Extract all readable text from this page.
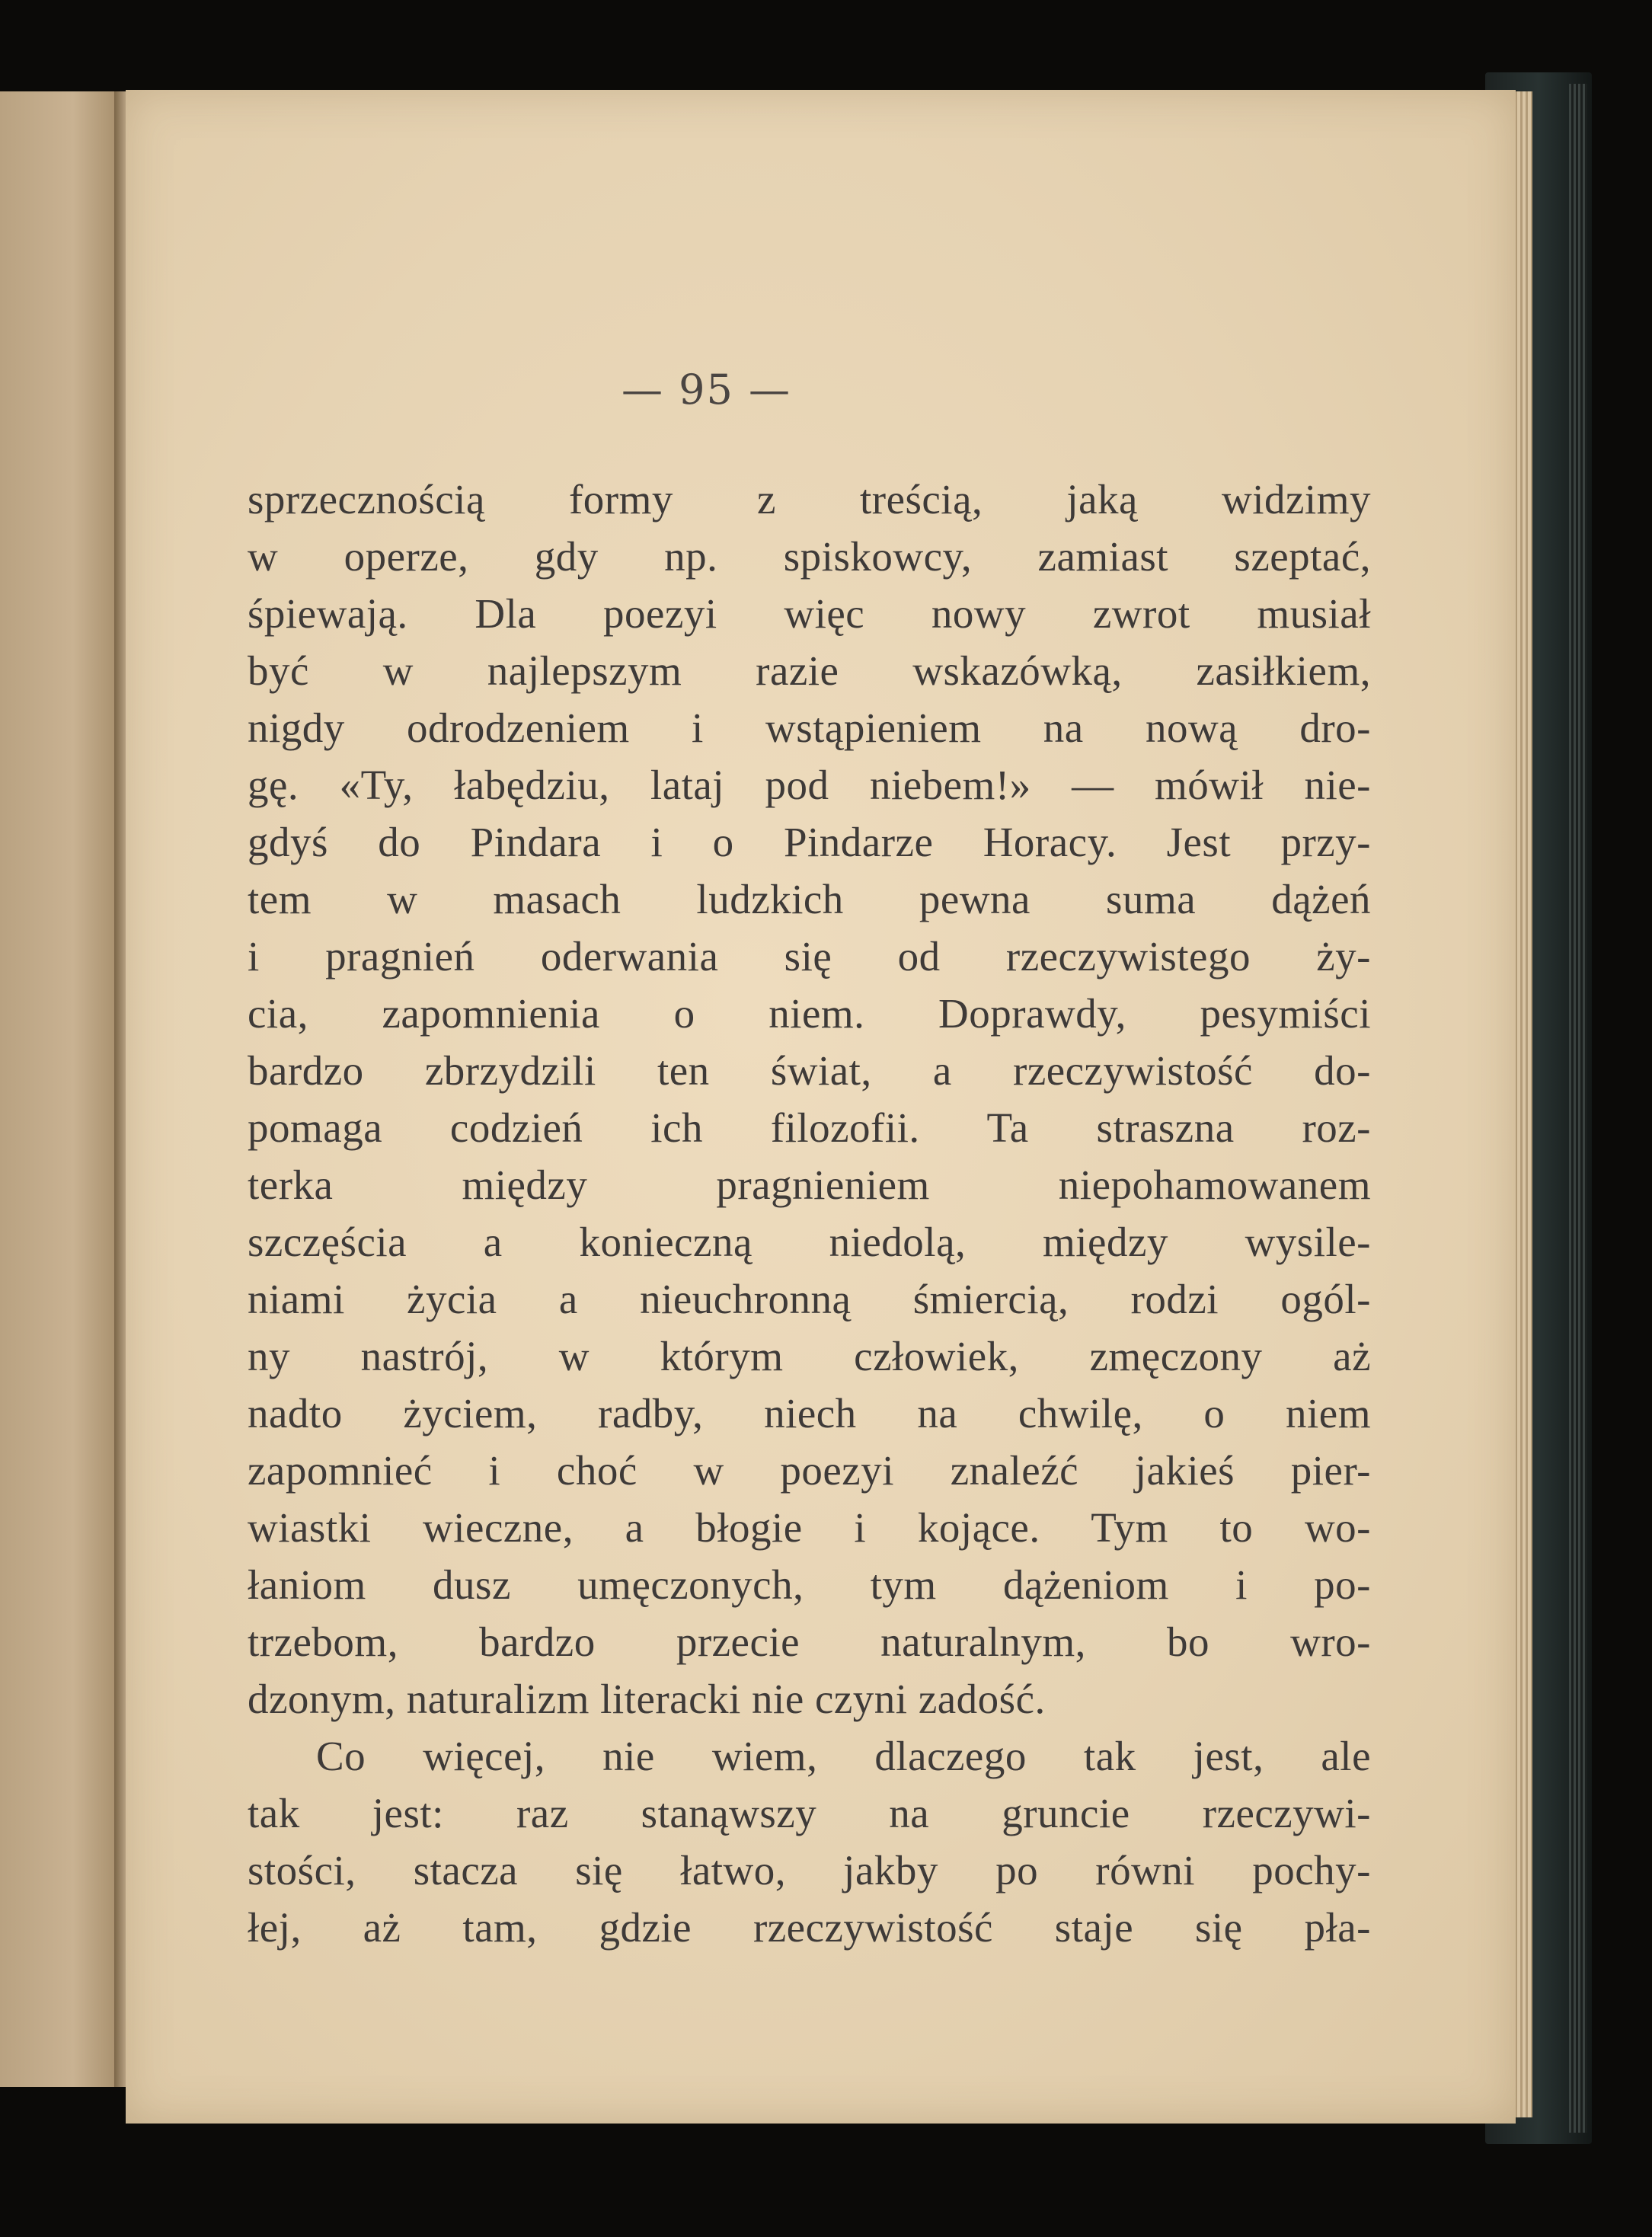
— 95 —
sprzecznością formy z treścią, jaką widzimy
w operze, gdy np. spiskowcy, zamiast szeptać,
śpiewają. Dla poezyi więc nowy zwrot musiał
być w najlepszym razie wskazówką, zasiłkiem,
nigdy odrodzeniem i wstąpieniem na nową dro-
gę. «Ty, łabędziu, lataj pod niebem!» — mówił nie-
gdyś do Pindara i o Pindarze Horacy. Jest przy-
tem w masach ludzkich pewna suma dążeń
i pragnień oderwania się od rzeczywistego ży-
cia, zapomnienia o niem. Doprawdy, pesymiści
bardzo zbrzydzili ten świat, a rzeczywistość do-
pomaga codzień ich filozofii. Ta straszna roz-
terka między pragnieniem niepohamowanem
szczęścia a konieczną niedolą, między wysile-
niami życia a nieuchronną śmiercią, rodzi ogól-
ny nastrój, w którym człowiek, zmęczony aż
nadto życiem, radby, niech na chwilę, o niem
zapomnieć i choć w poezyi znaleźć jakieś pier-
wiastki wieczne, a błogie i kojące. Tym to wo-
łaniom dusz umęczonych, tym dążeniom i po-
trzebom, bardzo przecie naturalnym, bo wro-
dzonym, naturalizm literacki nie czyni zadość.
Co więcej, nie wiem, dlaczego tak jest, ale
tak jest: raz stanąwszy na gruncie rzeczywi-
stości, stacza się łatwo, jakby po równi pochy-
łej, aż tam, gdzie rzeczywistość staje się pła-
